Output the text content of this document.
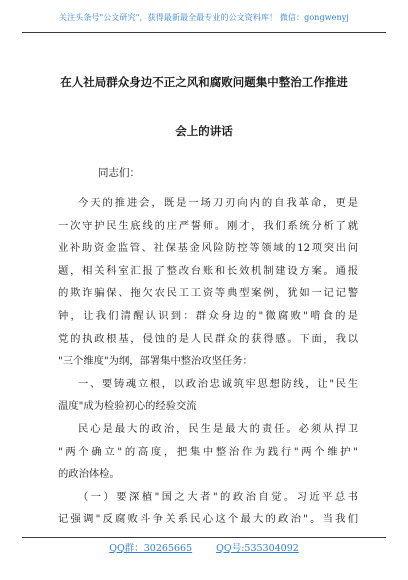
关注头条号"公文研究"，获得最新最全最专业的公文资料库！ 微信：gongwenyj
在人社局群众身边不正之风和腐败问题集中整治工作推进
会上的讲话
同志们：
今天的推进会，既是一场刀刃向内的自我革命，更是
一次守护民生底线的庄严誓师。刚才，我们系统分析了就
业补助资金监管、社保基金风险防控等领域的12项突出问
题，相关科室汇报了整改台账和长效机制建设方案。通报
的欺诈骗保、拖欠农民工工资等典型案例，犹如一记记警
钟，让我们清醒认识到：群众身边的"微腐败"啃食的是
党的执政根基，侵蚀的是人民群众的获得感。下面，我以
"三个维度"为纲，部署集中整治攻坚任务：
一、要铸魂立根，以政治忠诚筑牢思想防线，让"民生
温度"成为检验初心的经验交流
民心是最大的政治，民生是最大的责任。必须从捍卫
"两个确立"的高度，把集中整治作为践行"两个维护"
的政治体检。
（一）要深植"国之大者"的政治自觉。习近平总书
记强调"反腐败斗争关系民心这个最大的政治"。当我们
QQ群：30265665	QQ号:535304092
